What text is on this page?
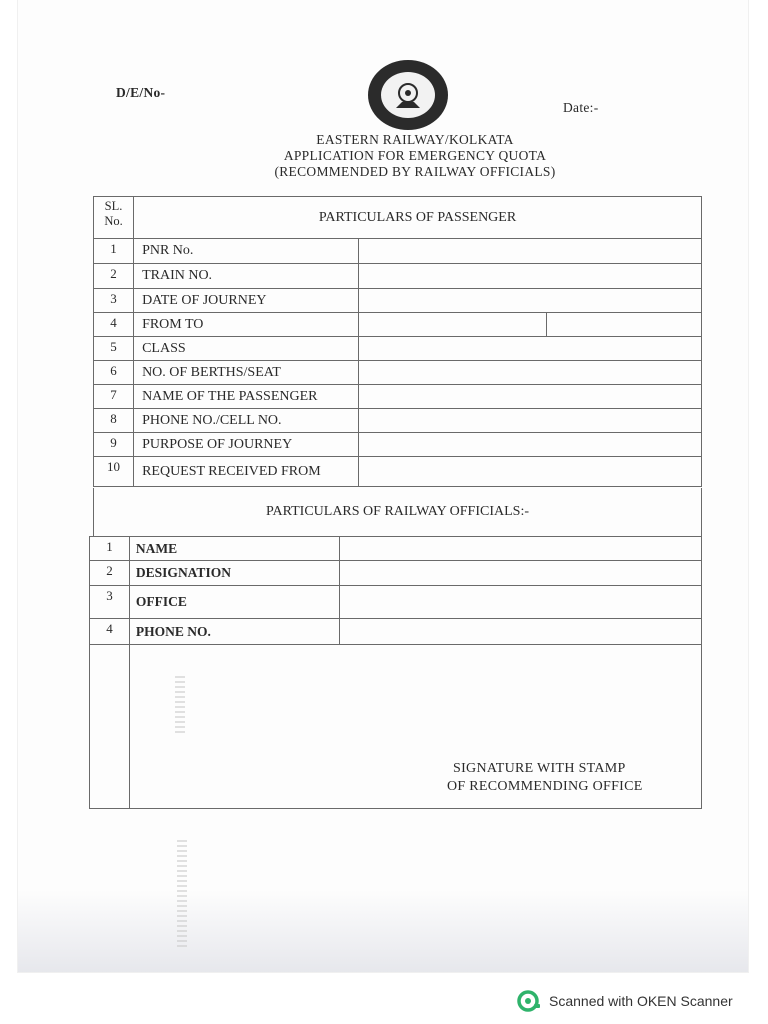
D/E/No-
Date:-
EASTERN RAILWAY/KOLKATA
APPLICATION FOR EMERGENCY QUOTA
(RECOMMENDED BY RAILWAY OFFICIALS)
SL. No.	PARTICULARS OF PASSENGER		
1	PNR No.		
2	TRAIN NO.		
3	DATE OF JOURNEY		
4	FROM TO		
5	CLASS		
6	NO. OF BERTHS/SEAT		
7	NAME OF THE PASSENGER		
8	PHONE NO./CELL NO.		
9	PURPOSE OF JOURNEY		
10	REQUEST RECEIVED FROM		
PARTICULARS OF RAILWAY OFFICIALS:-
1	NAME	
2	DESIGNATION	
3	OFFICE	
4	PHONE NO.	

SIGNATURE WITH STAMP
OF RECOMMENDING OFFICE
Scanned with OKEN Scanner
